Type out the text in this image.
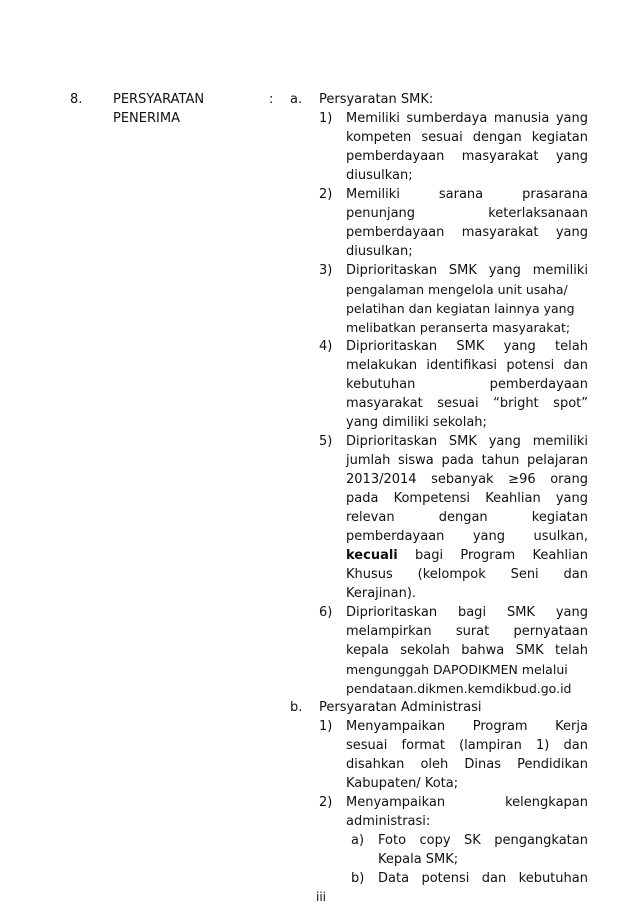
8. PERSYARATAN
PENERIMA
: a. Persyaratan SMK:
1) Memiliki sumberdaya manusia yang
kompeten sesuai dengan kegiatan
pemberdayaan masyarakat yang
diusulkan;
2) Memiliki	sarana	prasarana
penunjang	keterlaksanaan
pemberdayaan masyarakat yang
diusulkan;
3) Diprioritaskan SMK yang memiliki
pengalaman mengelola unit usaha/
pelatihan dan kegiatan lainnya yang
melibatkan peranserta masyarakat;
4) Diprioritaskan SMK yang telah
melakukan identifikasi potensi dan
kebutuhan	pemberdayaan
masyarakat sesuai “bright spot”
yang dimiliki sekolah;
5) Diprioritaskan SMK yang memiliki
jumlah siswa pada tahun pelajaran
2013/2014 sebanyak ≥96 orang
pada Kompetensi Keahlian yang
relevan	dengan	kegiatan
pemberdayaan yang usulkan,
kecuali bagi Program Keahlian
Khusus (kelompok Seni dan
Kerajinan).
6) Diprioritaskan bagi SMK yang
melampirkan surat pernyataan
kepala sekolah bahwa SMK telah
mengunggah DAPODIKMEN melalui
pendataan.dikmen.kemdikbud.go.id
b. Persyaratan Administrasi
1) Menyampaikan Program Kerja
sesuai format (lampiran 1) dan
disahkan oleh Dinas Pendidikan
Kabupaten/ Kota;
2) Menyampaikan	kelengkapan
administrasi:
a) Foto copy SK pengangkatan
Kepala SMK;
b) Data potensi dan kebutuhan
iii
